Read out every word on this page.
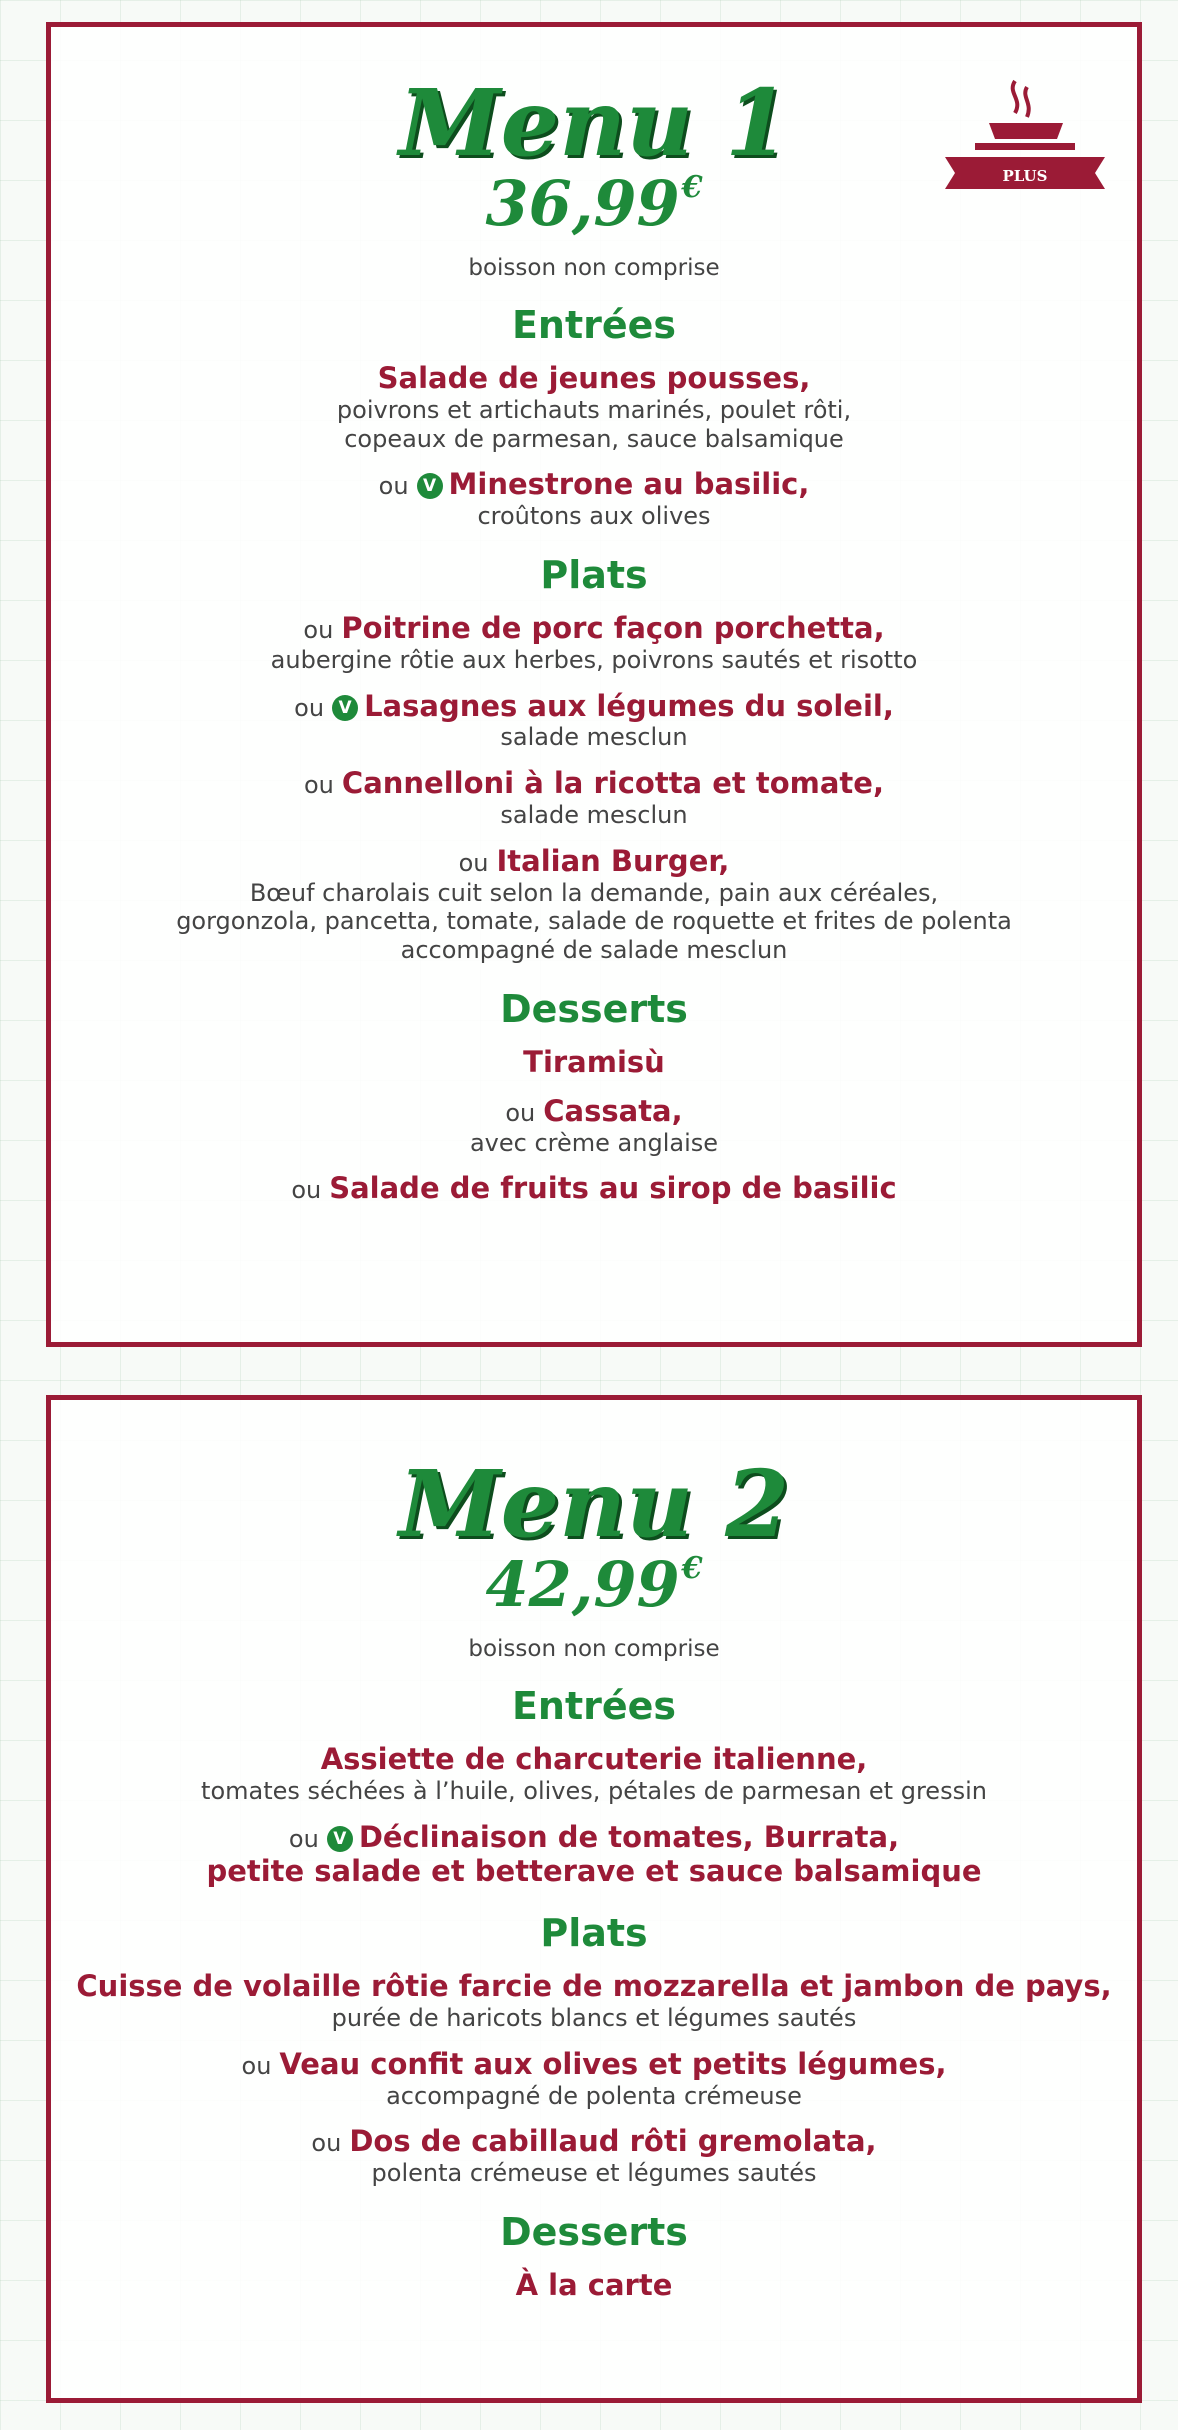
PLUS
Menu 1
36,99€
boisson non comprise
Entrées
Salade de jeunes pousses,
poivrons et artichauts marinés, poulet rôti,
copeaux de parmesan, sauce balsamique
ou V Minestrone au basilic,
croûtons aux olives
Plats
ou Poitrine de porc façon porchetta,
aubergine rôtie aux herbes, poivrons sautés et risotto
ou V Lasagnes aux légumes du soleil,
salade mesclun
ou Cannelloni à la ricotta et tomate,
salade mesclun
ou Italian Burger,
Bœuf charolais cuit selon la demande, pain aux céréales,
gorgonzola, pancetta, tomate, salade de roquette et frites de polenta
accompagné de salade mesclun
Desserts
Tiramisù
ou Cassata,
avec crème anglaise
ou Salade de fruits au sirop de basilic
Menu 2
42,99€
boisson non comprise
Entrées
Assiette de charcuterie italienne,
tomates séchées à l’huile, olives, pétales de parmesan et gressin
ou V Déclinaison de tomates, Burrata,
petite salade et betterave et sauce balsamique
Plats
Cuisse de volaille rôtie farcie de mozzarella et jambon de pays,
purée de haricots blancs et légumes sautés
ou Veau confit aux olives et petits légumes,
accompagné de polenta crémeuse
ou Dos de cabillaud rôti gremolata,
polenta crémeuse et légumes sautés
Desserts
À la carte
